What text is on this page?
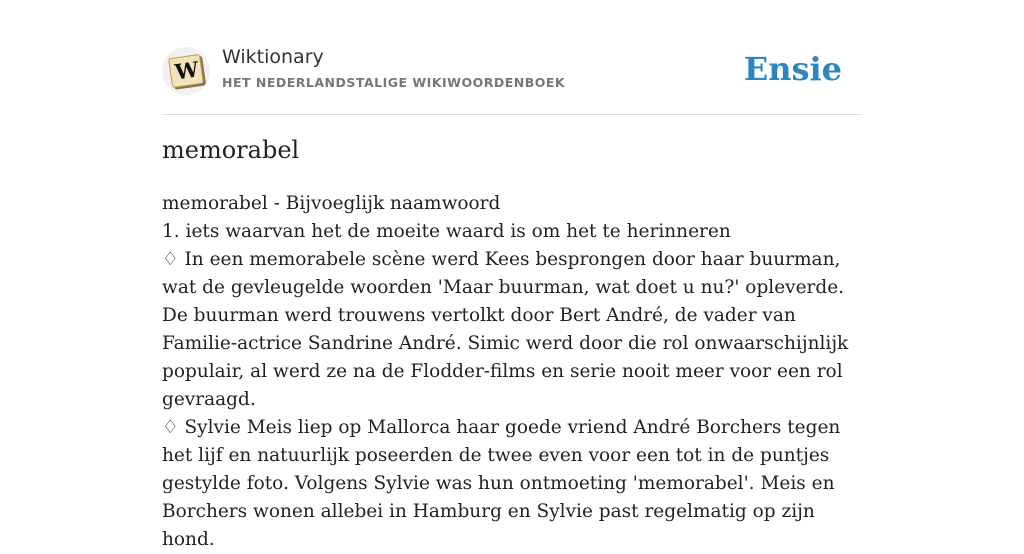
W Wiktionary
HET NEDERLANDSTALIGE WIKIWOORDENBOEK	Ensie
memorabel

memorabel - Bijvoeglijk naamwoord

1. iets waarvan het de moeite waard is om het te herinneren

♢ In een memorabele scène werd Kees besprongen door haar buurman, wat de gevleugelde woorden 'Maar buurman, wat doet u nu?' opleverde. De buurman werd trouwens vertolkt door Bert André, de vader van Familie-actrice Sandrine André. Simic werd door die rol onwaarschijnlijk populair, al werd ze na de Flodder-films en serie nooit meer voor een rol gevraagd.

♢ Sylvie Meis liep op Mallorca haar goede vriend André Borchers tegen het lijf en natuurlijk poseerden de twee even voor een tot in de puntjes gestylde foto. Volgens Sylvie was hun ontmoeting 'memorabel'. Meis en Borchers wonen allebei in Hamburg en Sylvie past regelmatig op zijn hond.
